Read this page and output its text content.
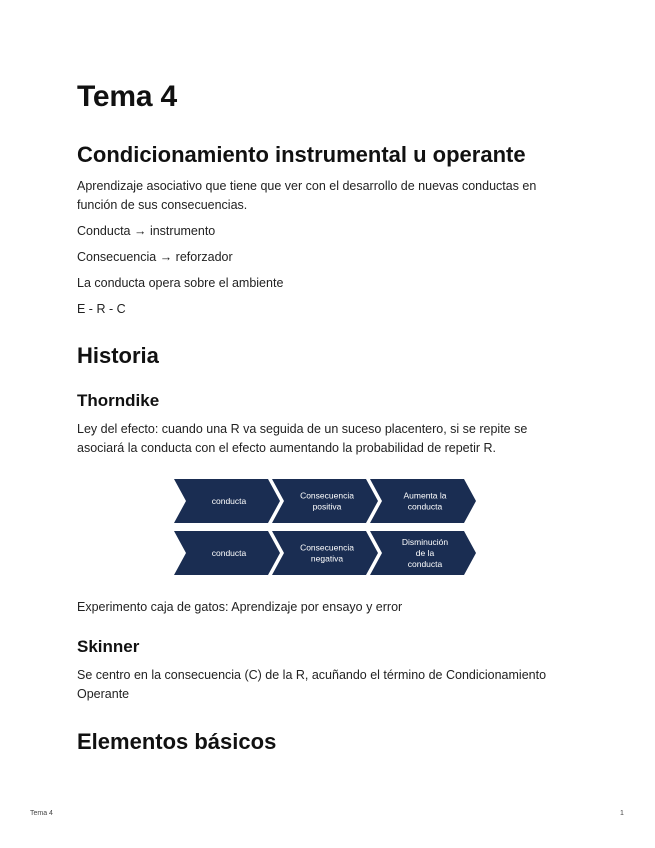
Tema 4
Condicionamiento instrumental u operante

Aprendizaje asociativo que tiene que ver con el desarrollo de nuevas conductas en función de sus consecuencias.

Conducta → instrumento

Consecuencia → reforzador

La conducta opera sobre el ambiente

E - R - C

Historia
Thorndike

Ley del efecto: cuando una R va seguida de un suceso placentero, si se repite se asociará la conducta con el efecto aumentando la probabilidad de repetir R.

conducta
Consecuencia positiva
Aumenta la conducta
conducta
Consecuencia negativa
Disminución de la conducta

Experimento caja de gatos: Aprendizaje por ensayo y error

Skinner

Se centro en la consecuencia (C) de la R, acuñando el término de Condicionamiento Operante

Elementos básicos
Tema 4	1
